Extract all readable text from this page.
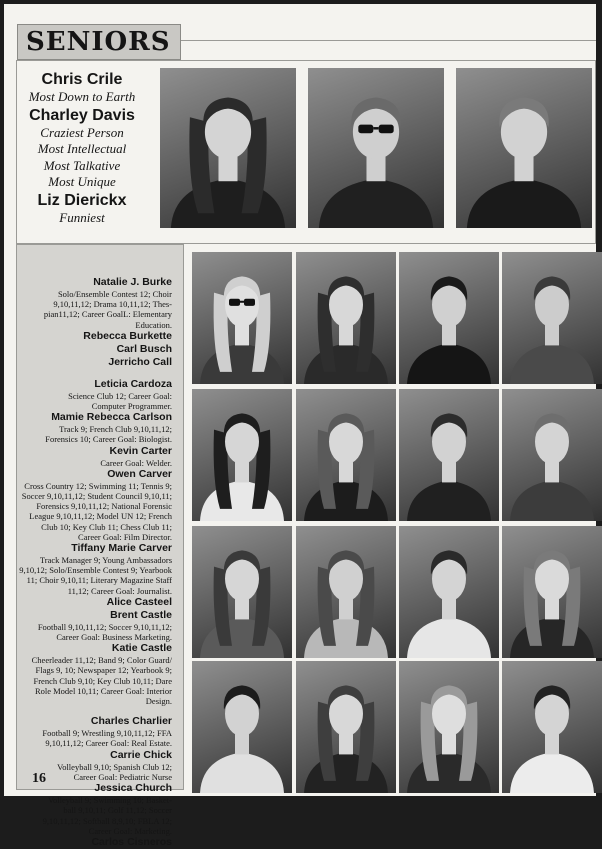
SENIORS
Chris Crile
Most Down to Earth
Charley Davis
Craziest Person
Most Intellectual
Most Talkative
Most Unique
Liz Dierickx
Funniest
Natalie J. Burke
Solo/Ensemble Contest 12; Choir
9,10,11,12; Drama 10,11,12; Thes-
pian11,12; Career GoalL: Elementary
Education.
Rebecca Burkette
Carl Busch
Jerricho Call
Leticia Cardoza
Science Club 12; Career Goal:
Computer Programmer.
Mamie Rebecca Carlson
Track 9; French Club 9,10,11,12;
Forensics 10; Career Goal: Biologist.
Kevin Carter
Career Goal: Welder.
Owen Carver
Cross Country 12; Swimming 11; Tennis 9;
Soccer 9,10,11,12; Student Council 9,10,11;
Forensics 9,10,11,12; National Forensic
League 9,10,11,12; Model UN 12; French
Club 10; Key Club 11; Chess Club 11;
Career Goal: Film Director.
Tiffany Marie Carver
Track Manager 9; Young Ambassadors
9,10,12; Solo/Ensemble Contest 9; Yearbook
11; Choir 9,10,11; Literary Magazine Staff
11,12; Career Goal: Journalist.
Alice Casteel
Brent Castle
Football 9,10,11,12; Soccer 9,10,11,12;
Career Goal: Business Marketing.
Katie Castle
Cheerleader 11,12; Band 9; Color Guard/
Flags 9, 10; Newspaper 12; Yearbook 9;
French Club 9,10; Key Club 10,11; Dare
Role Model 10,11; Career Goal: Interior
Design.
Charles Charlier
Football 9; Wrestling 9,10,11,12; FFA
9,10,11,12; Career Goal: Real Estate.
Carrie Chick
Volleyball 9,10; Spanish Club 12;
Career Goal: Pediatric Nurse
Jessica Church
Volleyball 9; Swimming 10; Basket-
ball 9,10,11; Golf 11,12; Soccer
9,10,11,12; Softball 8,9,10; FBLA 12;
Career Goal: Marketing.
Carlos Cisneros
16
